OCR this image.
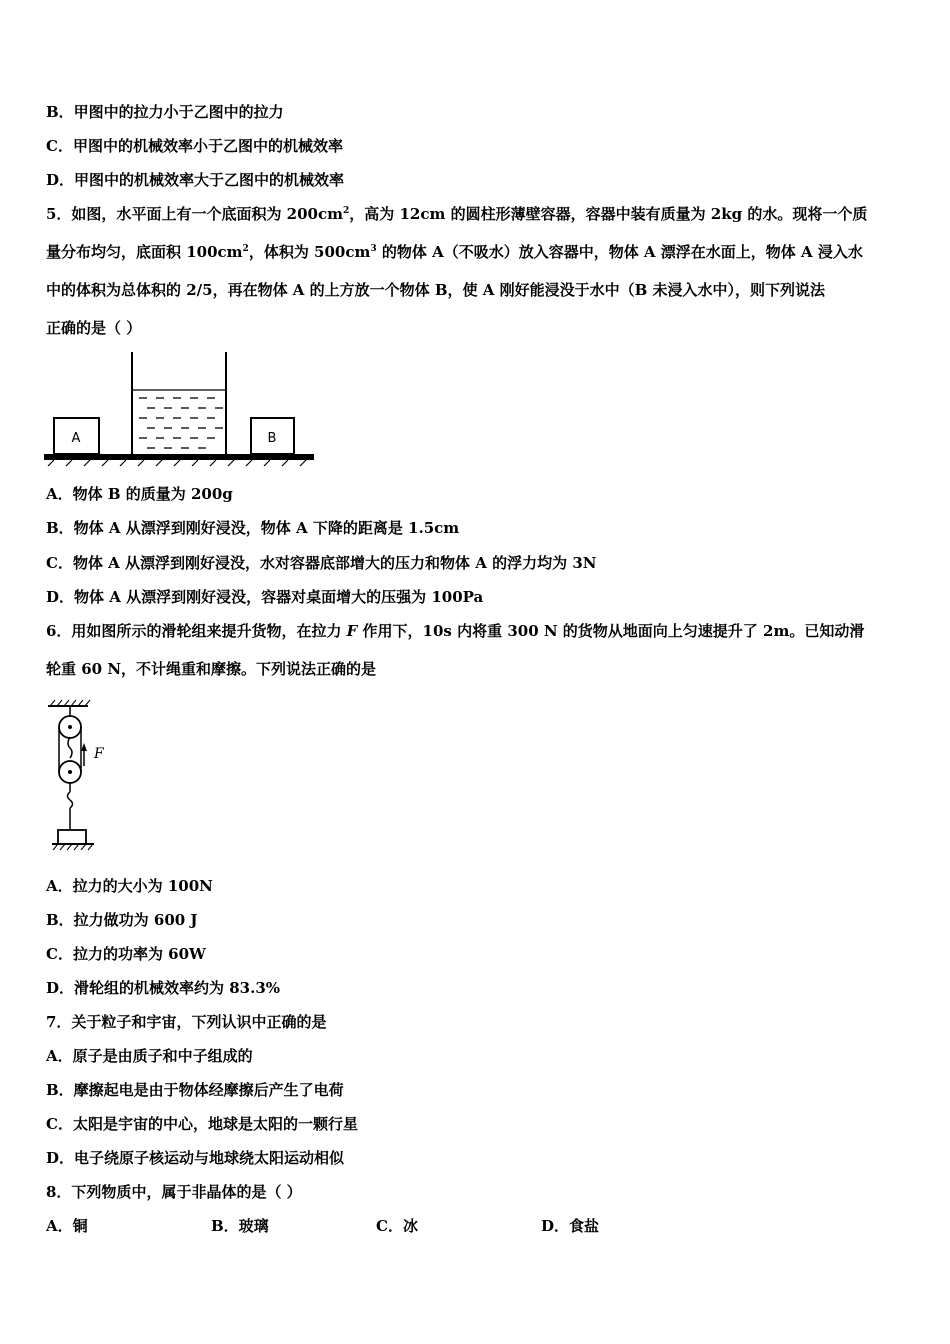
B．甲图中的拉力小于乙图中的拉力
C．甲图中的机械效率小于乙图中的机械效率
D．甲图中的机械效率大于乙图中的机械效率
5．如图，水平面上有一个底面积为 $200cm^2$，高为 12cm 的圆柱形薄壁容器，容器中装有质量为 2kg 的水。现将一个质
量分布均匀，底面积 $100cm^2$，体积为 $500cm^3$ 的物体 A（不吸水）放入容器中，物体 A 漂浮在水面上，物体 A 浸入水
中的体积为总体积的 2/5，再在物体 A 的上方放一个物体 B，使 A 刚好能浸没于水中（B 未浸入水中），则下列说法
正确的是（ ）
A	B
A．物体 B 的质量为 200g
B．物体 A 从漂浮到刚好浸没，物体 A 下降的距离是 1.5cm
C．物体 A 从漂浮到刚好浸没，水对容器底部增大的压力和物体 A 的浮力均为 3N
D．物体 A 从漂浮到刚好浸没，容器对桌面增大的压强为 100Pa
6．用如图所示的滑轮组来提升货物，在拉力 F 作用下，10s 内将重 300 N 的货物从地面向上匀速提升了 2m。已知动滑
轮重 60 N，不计绳重和摩擦。下列说法正确的是
F
A．拉力的大小为 100N
B．拉力做功为 600 J
C．拉力的功率为 60W
D．滑轮组的机械效率约为 83.3%
7．关于粒子和宇宙，下列认识中正确的是
A．原子是由质子和中子组成的
B．摩擦起电是由于物体经摩擦后产生了电荷
C．太阳是宇宙的中心，地球是太阳的一颗行星
D．电子绕原子核运动与地球绕太阳运动相似
8．下列物质中，属于非晶体的是（ ）
A．铜	B．玻璃	C．冰	D．食盐
